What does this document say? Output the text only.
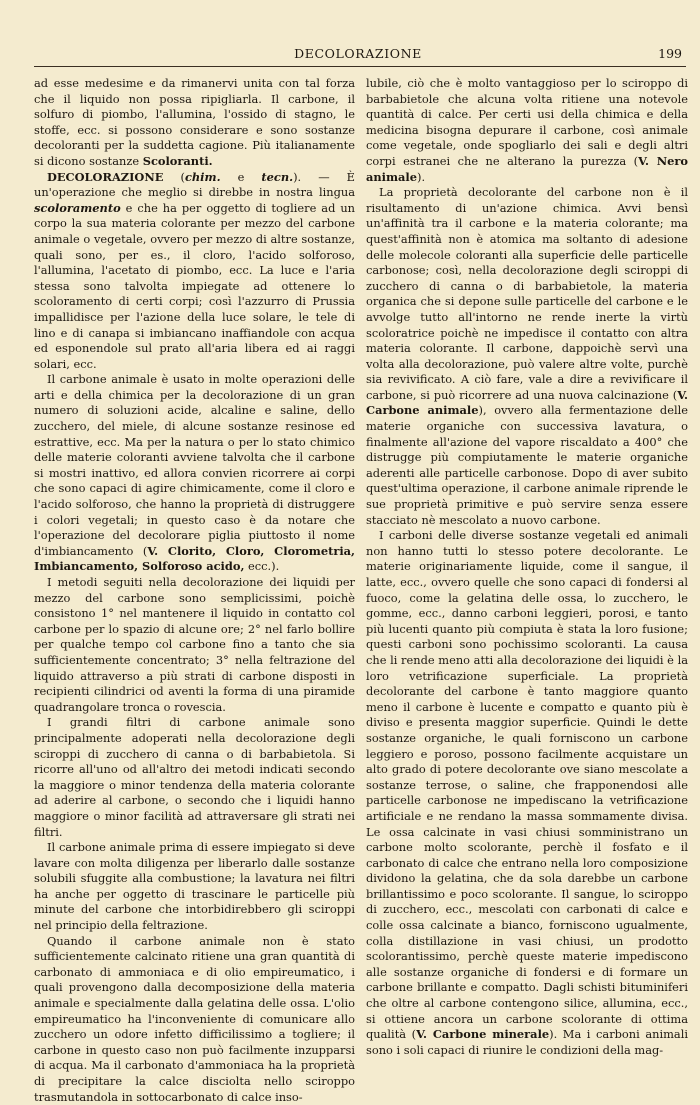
DECOLORAZIONE	199

ad esse medesime e da rimanervi unita con tal forza che il liquido non possa ripigliarla. Il carbone, il solfuro di piombo, l'allumina, l'ossido di stagno, le stoffe, ecc. si possono considerare e sono sostanze decoloranti per la suddetta cagione. Più italianamente si dicono sostanze Scoloranti.

DECOLORAZIONE (chim. e tecn.). — È un'operazione che meglio si direbbe in nostra lingua scoloramento e che ha per oggetto di togliere ad un corpo la sua materia colorante per mezzo del carbone animale o vegetale, ovvero per mezzo di altre sostanze, quali sono, per es., il cloro, l'acido solforoso, l'allumina, l'acetato di piombo, ecc. La luce e l'aria stessa sono talvolta impiegate ad ottenere lo scoloramento di certi corpi; così l'azzurro di Prussia impallidisce per l'azione della luce solare, le tele di lino e di canapa si imbiancano inaffiandole con acqua ed esponendole sul prato all'aria libera ed ai raggi solari, ecc.

Il carbone animale è usato in molte operazioni delle arti e della chimica per la decolorazione di un gran numero di soluzioni acide, alcaline e saline, dello zucchero, del miele, di alcune sostanze resinose ed estrattive, ecc. Ma per la natura o per lo stato chimico delle materie coloranti avviene talvolta che il carbone si mostri inattivo, ed allora convien ricorrere ai corpi che sono capaci di agire chimicamente, come il cloro e l'acido solforoso, che hanno la proprietà di distruggere i colori vegetali; in questo caso è da notare che l'operazione del decolorare piglia piuttosto il nome d'imbiancamento (V. Clorito, Cloro, Clorometria, Imbiancamento, Solforoso acido, ecc.).

I metodi seguiti nella decolorazione dei liquidi per mezzo del carbone sono semplicissimi, poichè consistono 1° nel mantenere il liquido in contatto col carbone per lo spazio di alcune ore; 2° nel farlo bollire per qualche tempo col carbone fino a tanto che sia sufficientemente concentrato; 3° nella feltrazione del liquido attraverso a più strati di carbone disposti in recipienti cilindrici od aventi la forma di una piramide quadrangolare tronca o rovescia.

I grandi filtri di carbone animale sono principalmente adoperati nella decolorazione degli sciroppi di zucchero di canna o di barbabietola. Si ricorre all'uno od all'altro dei metodi indicati secondo la maggiore o minor tendenza della materia colorante ad aderire al carbone, o secondo che i liquidi hanno maggiore o minor facilità ad attraversare gli strati nei filtri.

Il carbone animale prima di essere impiegato si deve lavare con molta diligenza per liberarlo dalle sostanze solubili sfuggite alla combustione; la lavatura nei filtri ha anche per oggetto di trascinare le particelle più minute del carbone che intorbidirebbero gli sciroppi nel principio della feltrazione.

Quando il carbone animale non è stato sufficientemente calcinato ritiene una gran quantità di carbonato di ammoniaca e di olio empireumatico, i quali provengono dalla decomposizione della materia animale e specialmente dalla gelatina delle ossa. L'olio empireumatico ha l'inconveniente di comunicare allo zucchero un odore infetto difficilissimo a togliere; il carbone in questo caso non può facilmente inzupparsi di acqua. Ma il carbonato d'ammoniaca ha la proprietà di precipitare la calce disciolta nello sciroppo trasmutandola in sottocarbonato di calce inso-

lubile, ciò che è molto vantaggioso per lo sciroppo di barbabietole che alcuna volta ritiene una notevole quantità di calce. Per certi usi della chimica e della medicina bisogna depurare il carbone, così animale come vegetale, onde spogliarlo dei sali e degli altri corpi estranei che ne alterano la purezza (V. Nero animale).

La proprietà decolorante del carbone non è il risultamento di un'azione chimica. Avvi bensì un'affinità tra il carbone e la materia colorante; ma quest'affinità non è atomica ma soltanto di adesione delle molecole coloranti alla superficie delle particelle carbonose; così, nella decolorazione degli sciroppi di zucchero di canna o di barbabietole, la materia organica che si depone sulle particelle del carbone e le avvolge tutto all'intorno ne rende inerte la virtù scoloratrice poichè ne impedisce il contatto con altra materia colorante. Il carbone, dappoichè servì una volta alla decolorazione, può valere altre volte, purchè sia revivificato. A ciò fare, vale a dire a revivificare il carbone, si può ricorrere ad una nuova calcinazione (V. Carbone animale), ovvero alla fermentazione delle materie organiche con successiva lavatura, o finalmente all'azione del vapore riscaldato a 400° che distrugge più compiutamente le materie organiche aderenti alle particelle carbonose. Dopo di aver subito quest'ultima operazione, il carbone animale riprende le sue proprietà primitive e può servire senza essere stacciato nè mescolato a nuovo carbone.

I carboni delle diverse sostanze vegetali ed animali non hanno tutti lo stesso potere decolorante. Le materie originariamente liquide, come il sangue, il latte, ecc., ovvero quelle che sono capaci di fondersi al fuoco, come la gelatina delle ossa, lo zucchero, le gomme, ecc., danno carboni leggieri, porosi, e tanto più lucenti quanto più compiuta è stata la loro fusione; questi carboni sono pochissimo scoloranti. La causa che li rende meno atti alla decolorazione dei liquidi è la loro vetrificazione superficiale. La proprietà decolorante del carbone è tanto maggiore quanto meno il carbone è lucente e compatto e quanto più è diviso e presenta maggior superficie. Quindi le dette sostanze organiche, le quali forniscono un carbone leggiero e poroso, possono facilmente acquistare un alto grado di potere decolorante ove siano mescolate a sostanze terrose, o saline, che frapponendosi alle particelle carbonose ne impediscano la vetrificazione artificiale e ne rendano la massa sommamente divisa. Le ossa calcinate in vasi chiusi somministrano un carbone molto scolorante, perchè il fosfato e il carbonato di calce che entrano nella loro composizione dividono la gelatina, che da sola darebbe un carbone brillantissimo e poco scolorante. Il sangue, lo sciroppo di zucchero, ecc., mescolati con carbonati di calce e colle ossa calcinate a bianco, forniscono ugualmente, colla distillazione in vasi chiusi, un prodotto scolorantissimo, perchè queste materie impediscono alle sostanze organiche di fondersi e di formare un carbone brillante e compatto. Dagli schisti bituminiferi che oltre al carbone contengono silice, allumina, ecc., si ottiene ancora un carbone scolorante di ottima qualità (V. Carbone minerale). Ma i carboni animali sono i soli capaci di riunire le condizioni della mag-
